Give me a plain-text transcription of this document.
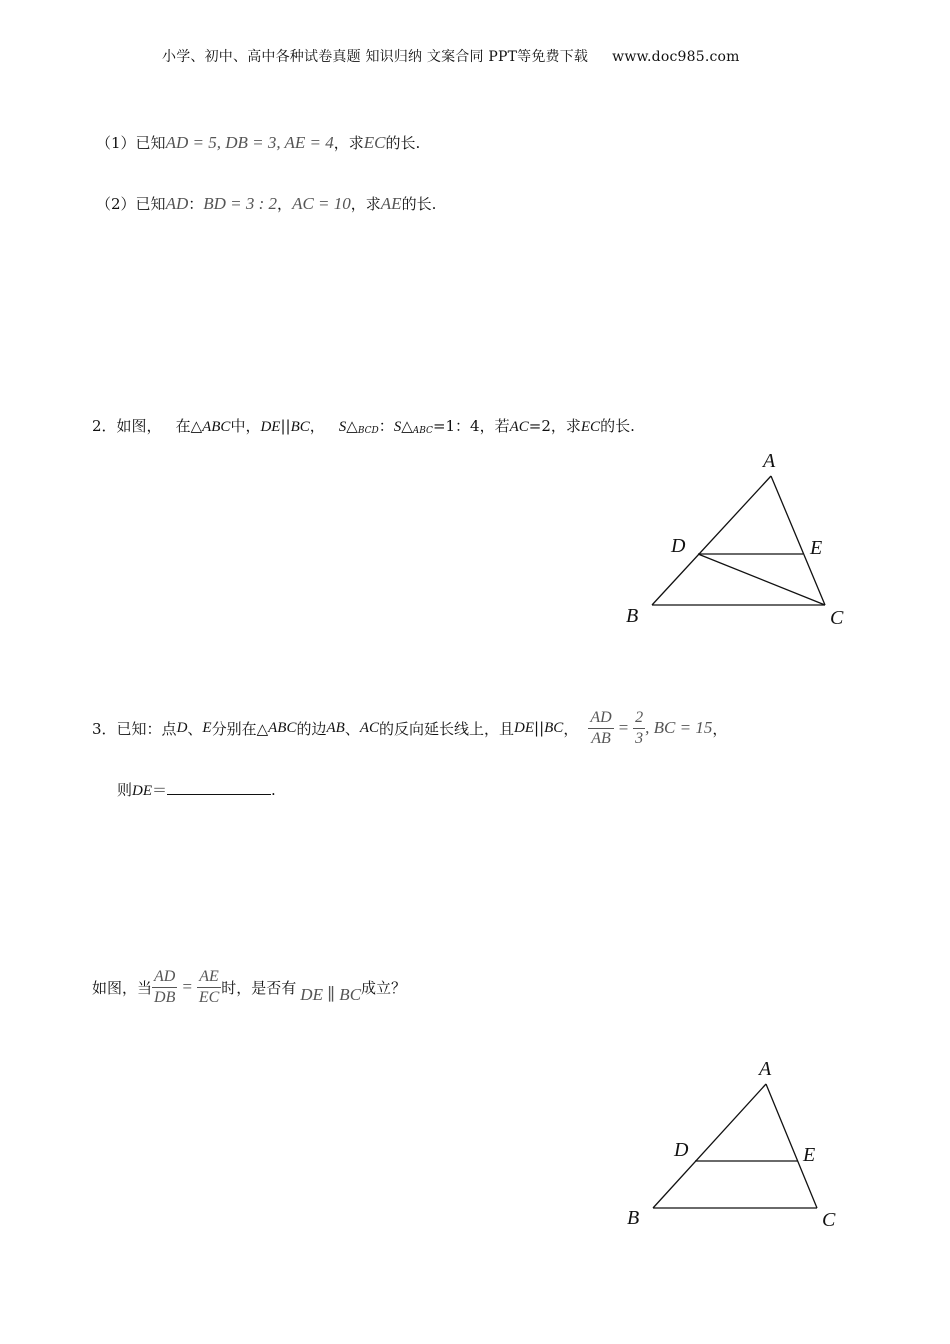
小学、初中、高中各种试卷真题 知识归纳 文案合同 PPT等免费下载 www.doc985.com
（1）已知AD = 5, DB = 3, AE = 4，求EC的长.
（2）已知AD：BD = 3 : 2，AC = 10，求AE的长.
2．如图， 在△ABC中，DE||BC， $S\triangle_{BCD}$：$S\triangle_{ABC}=1$：4，若AC=2，求EC的长.
A
D	E
B	C
3． 已知：点 D 、 E 分别在△ ABC 的边 AB 、 AC 的反向延长线上，且 DE || BC ， $\frac{AD}{AB} = \frac{2}{3}$ , BC = 15 ，
则DE＝	.
如图，当 $\frac{AD}{DB} = \frac{AE}{EC}$ 时，是否有 DE ∥ BC 成立？
A
D	E
B	C
